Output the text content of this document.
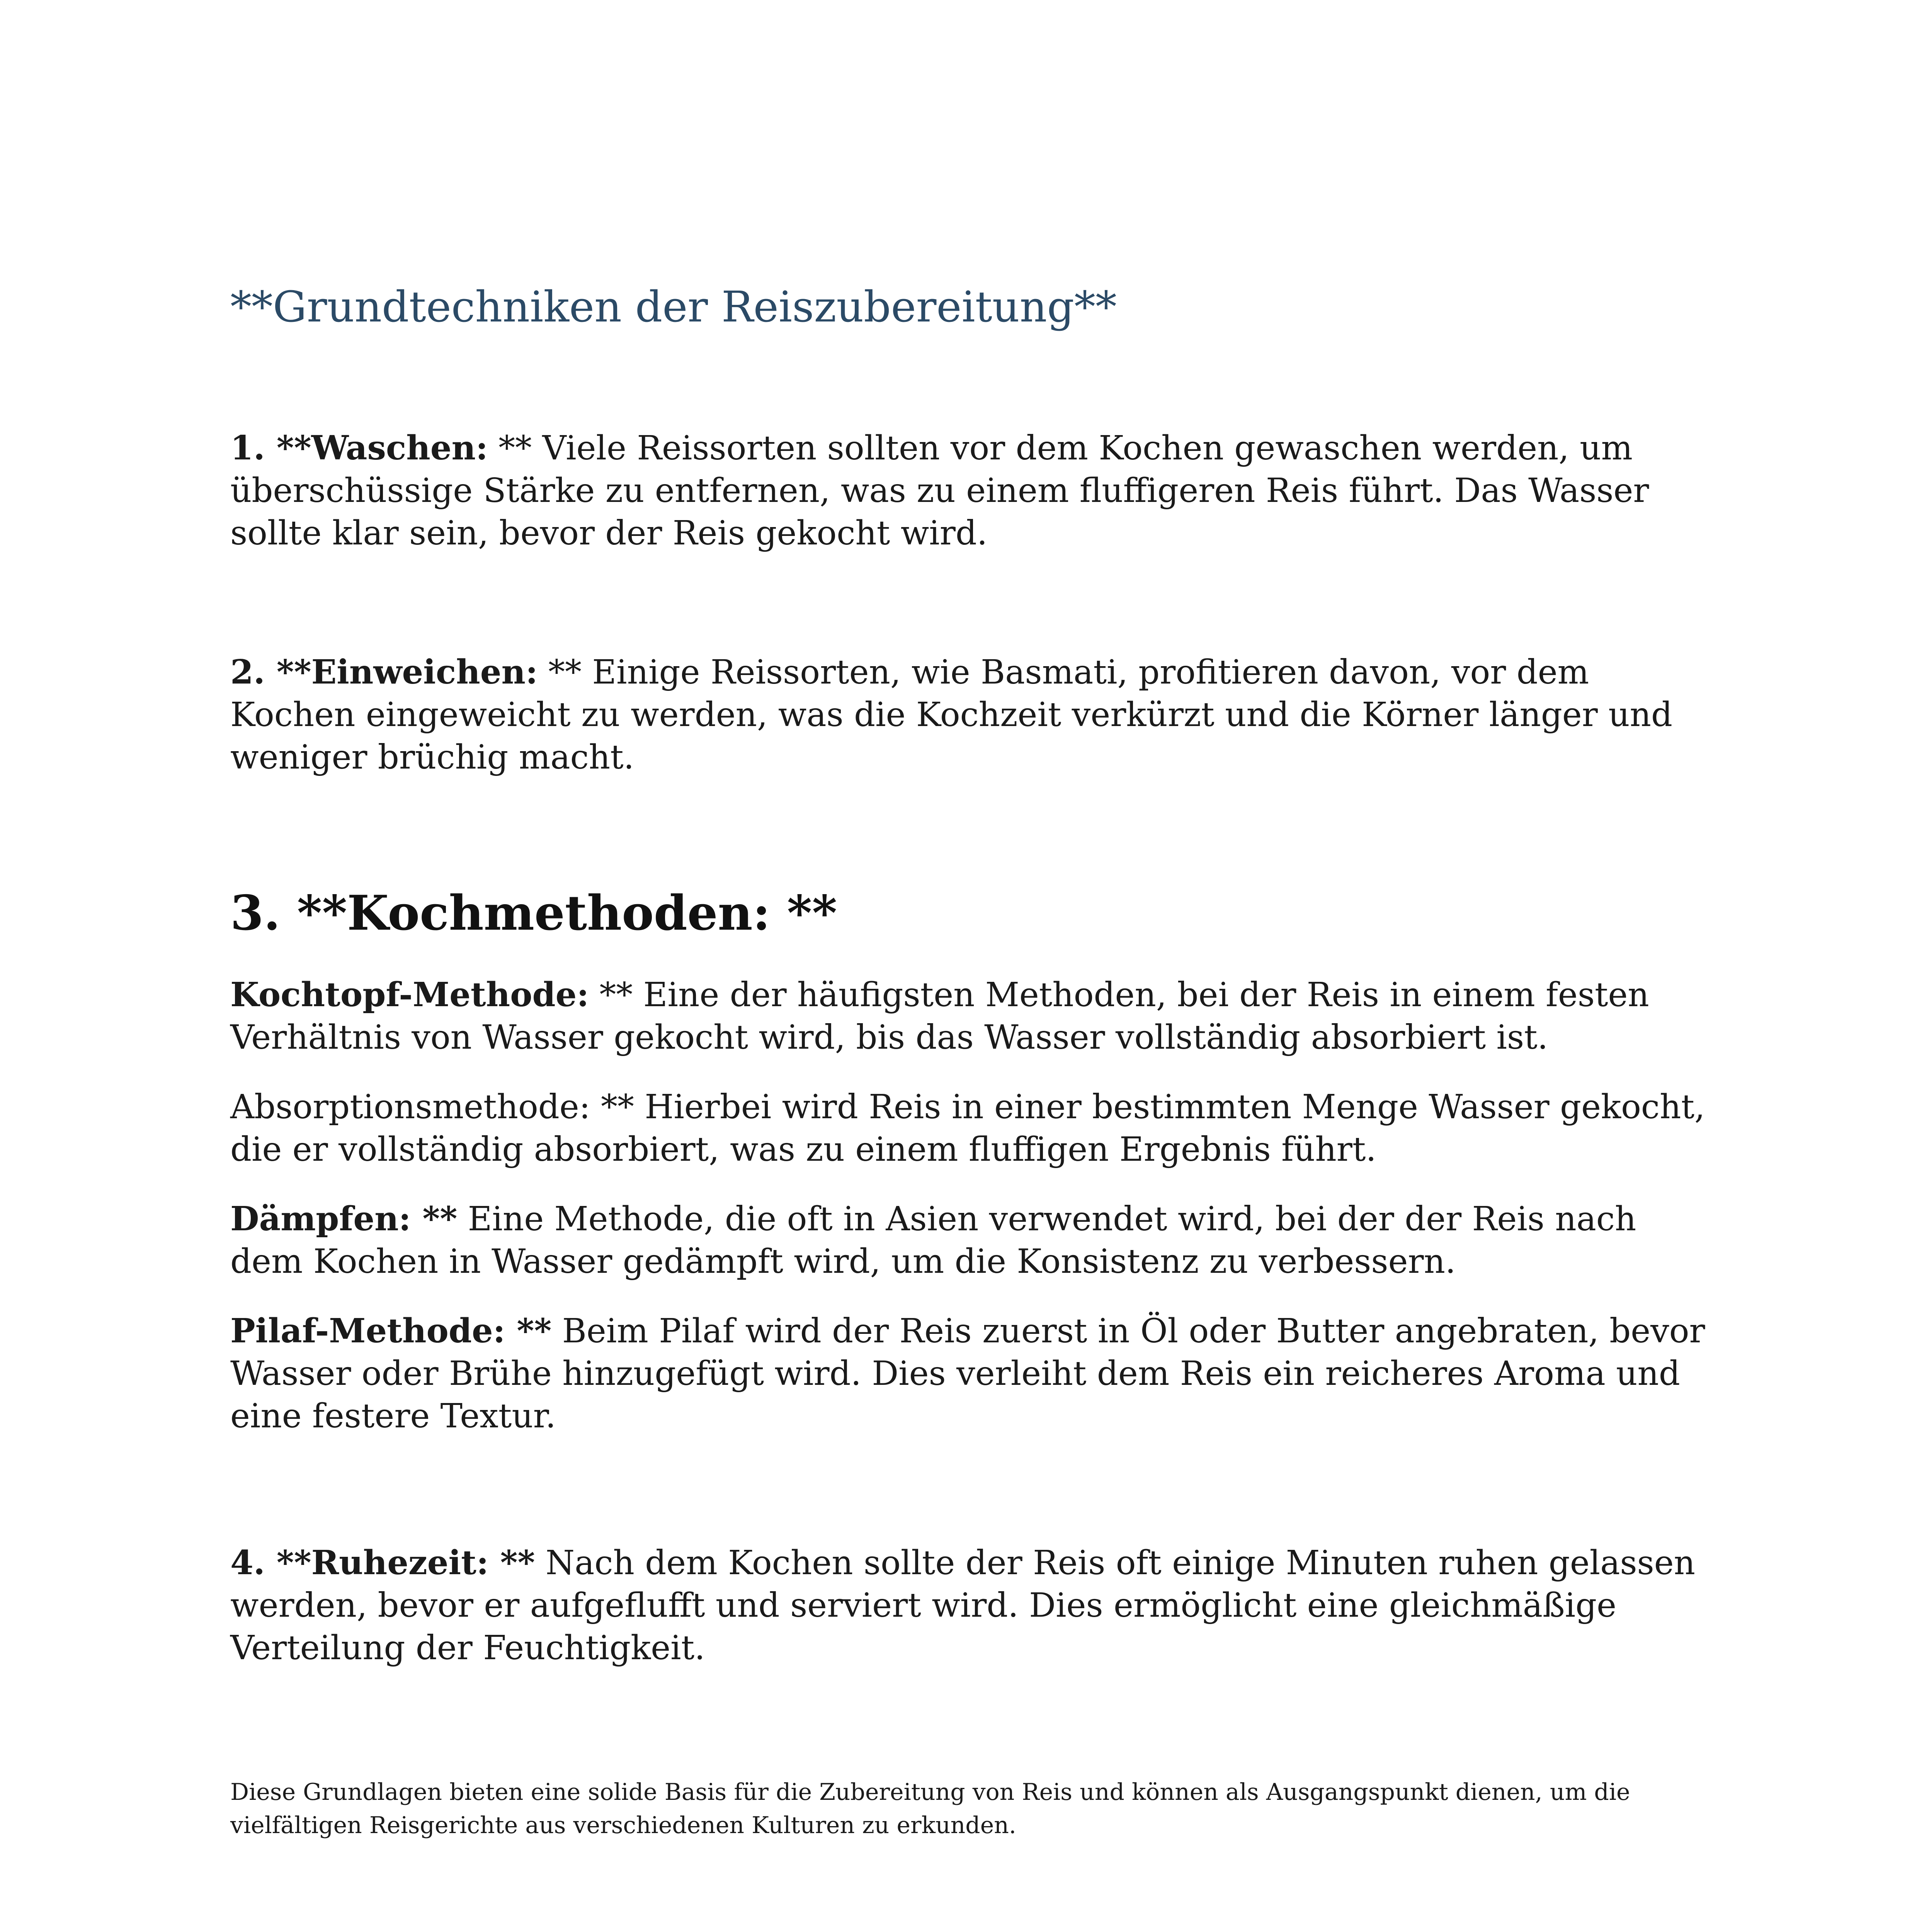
**Grundtechniken der Reiszubereitung**

1. **Waschen: ** Viele Reissorten sollten vor dem Kochen gewaschen werden, um überschüssige Stärke zu entfernen, was zu einem fluffigeren Reis führt. Das Wasser sollte klar sein, bevor der Reis gekocht wird.

2. **Einweichen: ** Einige Reissorten, wie Basmati, profitieren davon, vor dem Kochen eingeweicht zu werden, was die Kochzeit verkürzt und die Körner länger und weniger brüchig macht.

3. **Kochmethoden: **

Kochtopf-Methode: ** Eine der häufigsten Methoden, bei der Reis in einem festen Verhältnis von Wasser gekocht wird, bis das Wasser vollständig absorbiert ist.

Absorptionsmethode: ** Hierbei wird Reis in einer bestimmten Menge Wasser gekocht, die er vollständig absorbiert, was zu einem fluffigen Ergebnis führt.

Dämpfen: ** Eine Methode, die oft in Asien verwendet wird, bei der der Reis nach dem Kochen in Wasser gedämpft wird, um die Konsistenz zu verbessern.

Pilaf-Methode: ** Beim Pilaf wird der Reis zuerst in Öl oder Butter angebraten, bevor Wasser oder Brühe hinzugefügt wird. Dies verleiht dem Reis ein reicheres Aroma und eine festere Textur.

4. **Ruhezeit: ** Nach dem Kochen sollte der Reis oft einige Minuten ruhen gelassen werden, bevor er aufgeflufft und serviert wird. Dies ermöglicht eine gleichmäßige Verteilung der Feuchtigkeit.

Diese Grundlagen bieten eine solide Basis für die Zubereitung von Reis und können als Ausgangspunkt dienen, um die vielfältigen Reisgerichte aus verschiedenen Kulturen zu erkunden.
